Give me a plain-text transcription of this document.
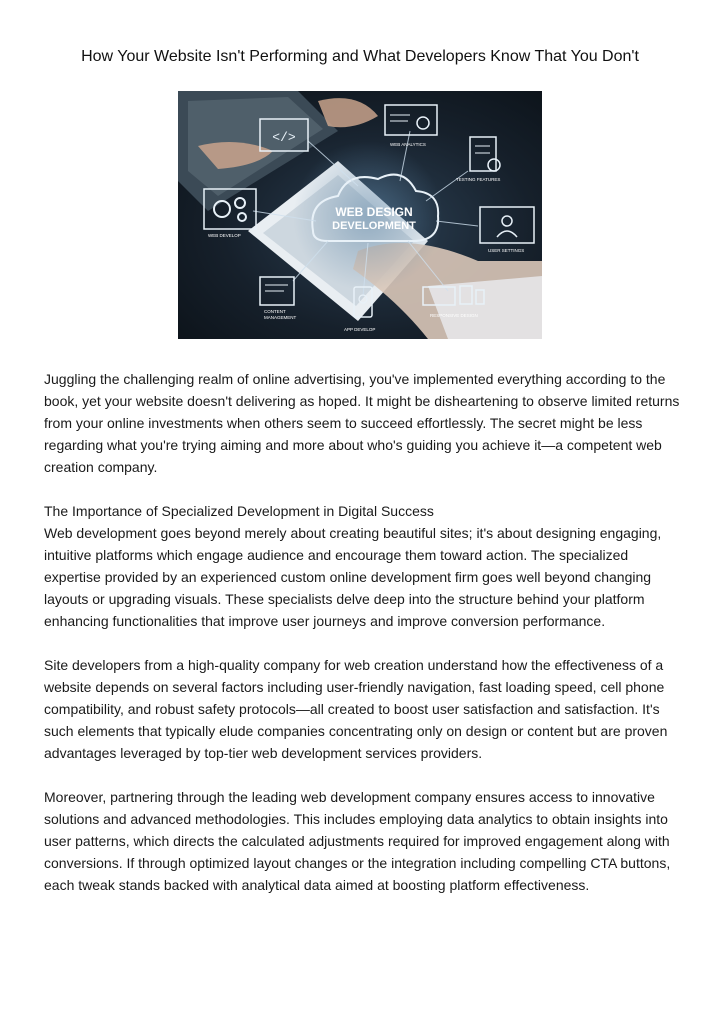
How Your Website Isn't Performing and What Developers Know That You Don't
WEB DESIGN
DEVELOPMENT
</>	WEB ANALYTICS
TESTING FEATURES
USER SETTINGS
RESPONSIVE DESIGN
APP DEVELOP
CONTENT
MANAGEMENT
WEB DEVELOP

Juggling the challenging realm of online advertising, you've implemented everything according to the book, yet your website doesn't delivering as hoped. It might be disheartening to observe limited returns from your online investments when others seem to succeed effortlessly. The secret might be less regarding what you're trying aiming and more about who's guiding you achieve it—a competent web creation company.

The Importance of Specialized Development in Digital Success

Web development goes beyond merely about creating beautiful sites; it's about designing engaging, intuitive platforms which engage audience and encourage them toward action. The specialized expertise provided by an experienced custom online development firm goes well beyond changing layouts or upgrading visuals. These specialists delve deep into the structure behind your platform enhancing functionalities that improve user journeys and improve conversion performance.

Site developers from a high-quality company for web creation understand how the effectiveness of a website depends on several factors including user-friendly navigation, fast loading speed, cell phone compatibility, and robust safety protocols—all created to boost user satisfaction and satisfaction. It's such elements that typically elude companies concentrating only on design or content but are proven advantages leveraged by top-tier web development services providers.

Moreover, partnering through the leading web development company ensures access to innovative solutions and advanced methodologies. This includes employing data analytics to obtain insights into user patterns, which directs the calculated adjustments required for improved engagement along with conversions. If through optimized layout changes or the integration including compelling CTA buttons, each tweak stands backed with analytical data aimed at boosting platform effectiveness.
